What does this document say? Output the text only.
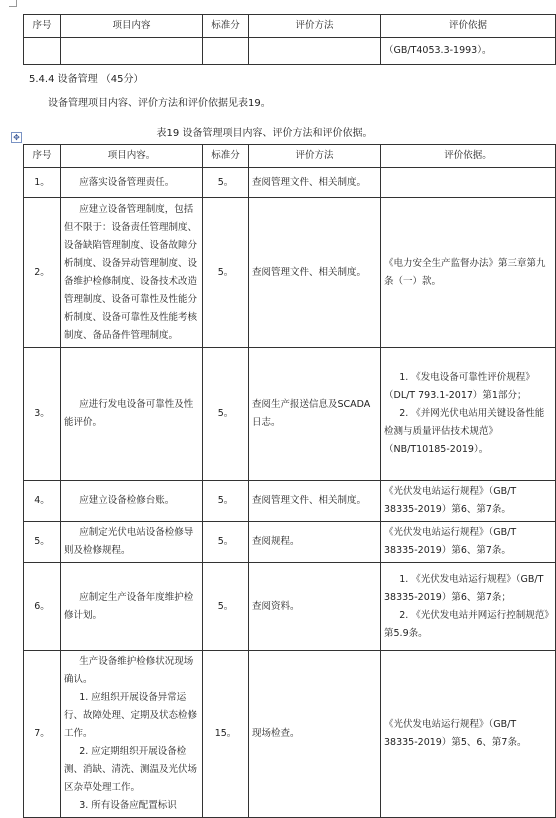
序号	项目内容	标准分	评价方法	评价依据
				（GB/T4053.3-1993）。
5.4.4 设备管理 （45分）
设备管理项目内容、评价方法和评价依据见表19。
表19 设备管理项目内容、评价方法和评价依据。
✥
序号	项目内容。	标准分	评价方法	评价依据。
1。	应落实设备管理责任。	5。	查阅管理文件、相关制度。	
2。	应建立设备管理制度，包括但不限于：设备责任管理制度、设备缺陷管理制度、设备故障分析制度、设备异动管理制度、设备维护检修制度、设备技术改造管理制度、设备可靠性及性能分析制度、设备可靠性及性能考核制度、备品备件管理制度。	5。	查阅管理文件、相关制度。	《电力安全生产监督办法》第三章第九条（一）款。
3。	应进行发电设备可靠性及性能评价。	5。	查阅生产报送信息及SCADA日志。	1. 《发电设备可靠性评价规程》（DL/T 793.1-2017）第1部分；
2. 《并网光伏电站用关键设备性能检测与质量评估技术规范》（NB/T10185-2019）。

4。	应建立设备检修台账。	5。	查阅管理文件、相关制度。	《光伏发电站运行规程》（GB/T 38335-2019）第6、第7条。
5。	应制定光伏电站设备检修导则及检修规程。	5。	查阅规程。	《光伏发电站运行规程》（GB/T 38335-2019）第6、第7条。
6。	应制定生产设备年度维护检修计划。	5。	查阅资料。	1. 《光伏发电站运行规程》（GB/T 38335-2019）第6、第7条；
2. 《光伏发电站并网运行控制规范》第5.9条。

7。	生产设备维护检修状况现场确认。
1. 应组织开展设备异常运行、故障处理、定期及状态检修工作。
2. 应定期组织开展设备检测、消缺、清洗、测温及光伏场区杂草处理工作。
3. 所有设备应配置标识	15。	现场检查。	《光伏发电站运行规程》（GB/T 38335-2019）第5、6、第7条。
